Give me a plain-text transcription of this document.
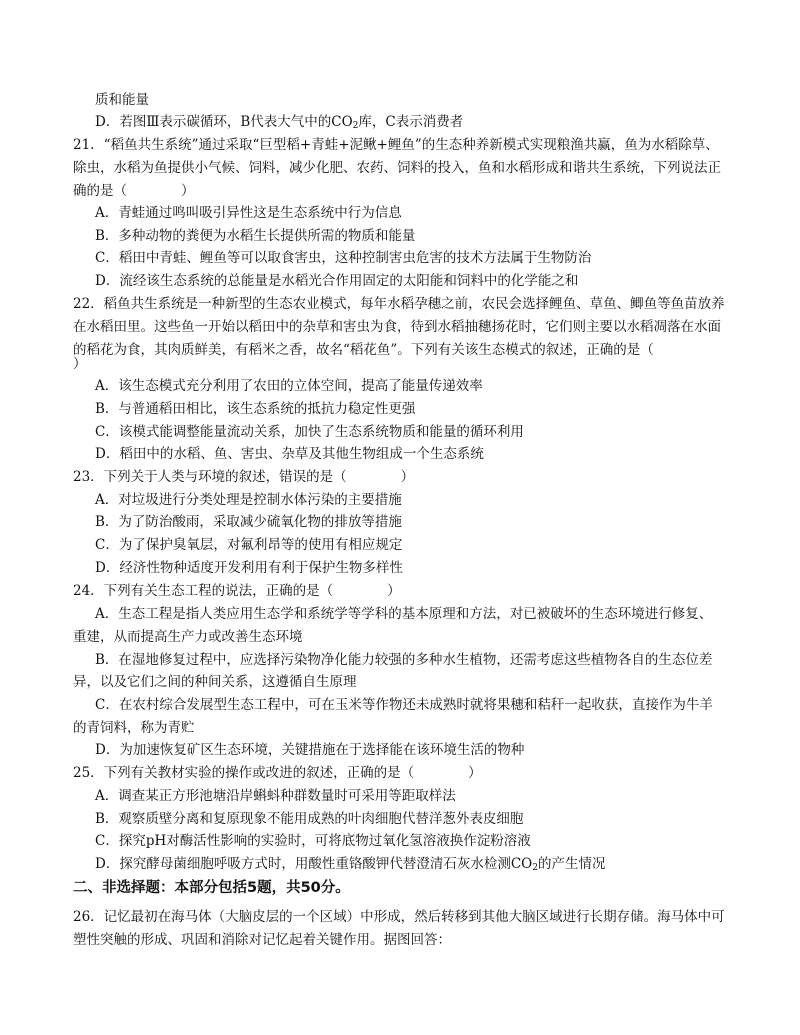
质和能量
D．若图Ⅲ表示碳循环，B代表大气中的$CO_2$库，C表示消费者
21．“稻鱼共生系统”通过采取“巨型稻+青蛙+泥鳅+鲤鱼”的生态种养新模式实现粮渔共赢，鱼为水稻除草、
除虫，水稻为鱼提供小气候、饲料，减少化肥、农药、饲料的投入，鱼和水稻形成和谐共生系统，下列说法正
确的是（　　　　）
A．青蛙通过鸣叫吸引异性这是生态系统中行为信息
B．多种动物的粪便为水稻生长提供所需的物质和能量
C．稻田中青蛙、鲤鱼等可以取食害虫，这种控制害虫危害的技术方法属于生物防治
D．流经该生态系统的总能量是水稻光合作用固定的太阳能和饲料中的化学能之和
22．稻鱼共生系统是一种新型的生态农业模式，每年水稻孕穗之前，农民会选择鲤鱼、草鱼、鲫鱼等鱼苗放养
在水稻田里。这些鱼一开始以稻田中的杂草和害虫为食，待到水稻抽穗扬花时，它们则主要以水稻凋落在水面
的稻花为食，其肉质鲜美，有稻米之香，故名“稻花鱼”。下列有关该生态模式的叙述，正确的是（
）
A．该生态模式充分利用了农田的立体空间，提高了能量传递效率
B．与普通稻田相比，该生态系统的抵抗力稳定性更强
C．该模式能调整能量流动关系，加快了生态系统物质和能量的循环利用
D．稻田中的水稻、鱼、害虫、杂草及其他生物组成一个生态系统
23．下列关于人类与环境的叙述，错误的是（　　　　）
A．对垃圾进行分类处理是控制水体污染的主要措施
B．为了防治酸雨，采取减少硫氧化物的排放等措施
C．为了保护臭氧层，对氟利昂等的使用有相应规定
D．经济性物种适度开发利用有利于保护生物多样性
24．下列有关生态工程的说法，正确的是（　　　　）
A．生态工程是指人类应用生态学和系统学等学科的基本原理和方法，对已被破坏的生态环境进行修复、
重建，从而提高生产力或改善生态环境
B．在湿地修复过程中，应选择污染物净化能力较强的多种水生植物，还需考虑这些植物各自的生态位差
异，以及它们之间的种间关系，这遵循自生原理
C．在农村综合发展型生态工程中，可在玉米等作物还未成熟时就将果穗和秸秆一起收获，直接作为牛羊
的青饲料，称为青贮
D．为加速恢复矿区生态环境，关键措施在于选择能在该环境生活的物种
25．下列有关教材实验的操作或改进的叙述，正确的是（　　　　）
A．调查某正方形池塘沿岸蝌蚪种群数量时可采用等距取样法
B．观察质壁分离和复原现象不能用成熟的叶肉细胞代替洋葱外表皮细胞
C．探究pH对酶活性影响的实验时，可将底物过氧化氢溶液换作淀粉溶液
D．探究酵母菌细胞呼吸方式时，用酸性重铬酸钾代替澄清石灰水检测$CO_2$的产生情况
二、非选择题：本部分包括5题，共50分。
26．记忆最初在海马体（大脑皮层的一个区域）中形成，然后转移到其他大脑区域进行长期存储。海马体中可
塑性突触的形成、巩固和消除对记忆起着关键作用。据图回答：
